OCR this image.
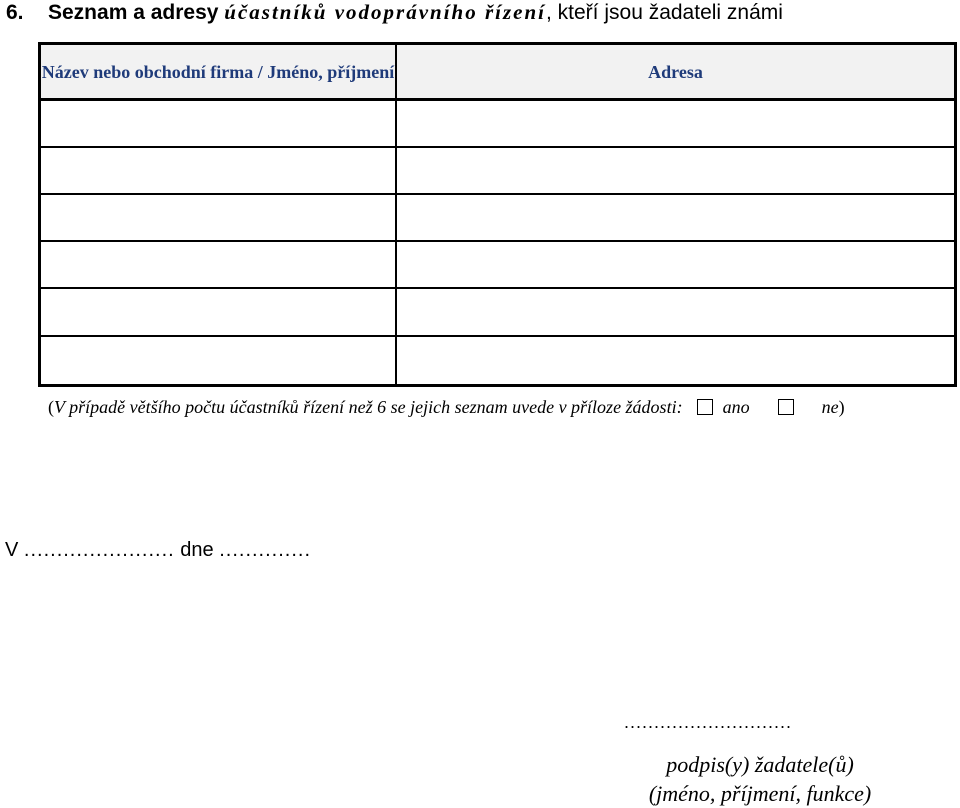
6. Seznam a adresy účastníků vodoprávního řízení, kteří jsou žadateli známi
Název nebo obchodní firma / Jméno, příjmení	Adresa
(V případě většího počtu účastníků řízení než 6 se jejich seznam uvede v příloze žádosti: ano	ne)
V ....................... dne ..............
............................
podpis(y) žadatele(ů)
(jméno, příjmení, funkce)
